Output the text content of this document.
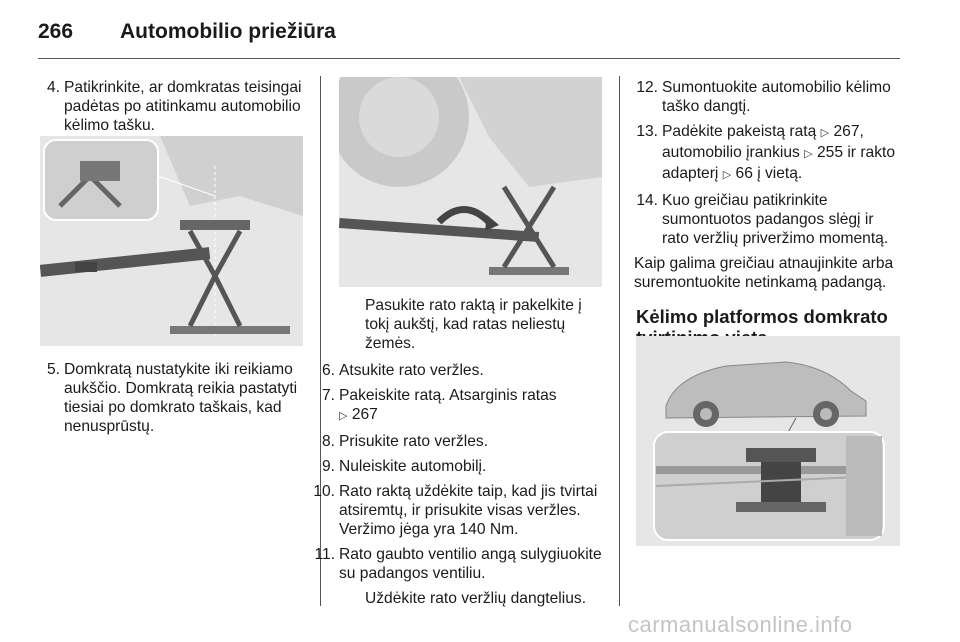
266 Automobilio priežiūra

4. Patikrinkite, ar domkratas teisingai padėtas po atitinkamu automobilio kėlimo tašku.

5. Domkratą nustatykite iki reikiamo aukščio. Domkratą reikia pastatyti tiesiai po domkrato taškais, kad nenusprūstų.

Pasukite rato raktą ir pakelkite į tokį aukštį, kad ratas neliestų žemės.

6. Atsukite rato veržles.

7. Pakeiskite ratą. Atsarginis ratas
▷ 267

8. Prisukite rato veržles.

9. Nuleiskite automobilį.

10. Rato raktą uždėkite taip, kad jis tvirtai atsiremtų, ir prisukite visas veržles. Veržimo jėga yra 140 Nm.

11. Rato gaubto ventilio angą sulygiuokite su padangos ventiliu.

Uždėkite rato veržlių dangtelius.

12. Sumontuokite automobilio kėlimo taško dangtį.

13. Padėkite pakeistą ratą ▷ 267, automobilio įrankius ▷ 255 ir rakto adapterį ▷ 66 į vietą.

14. Kuo greičiau patikrinkite sumontuotos padangos slėgį ir rato veržlių priveržimo momentą.

Kaip galima greičiau atnaujinkite arba suremontuokite netinkamą padangą.

Kėlimo platformos domkrato

carmanualsonline.info
